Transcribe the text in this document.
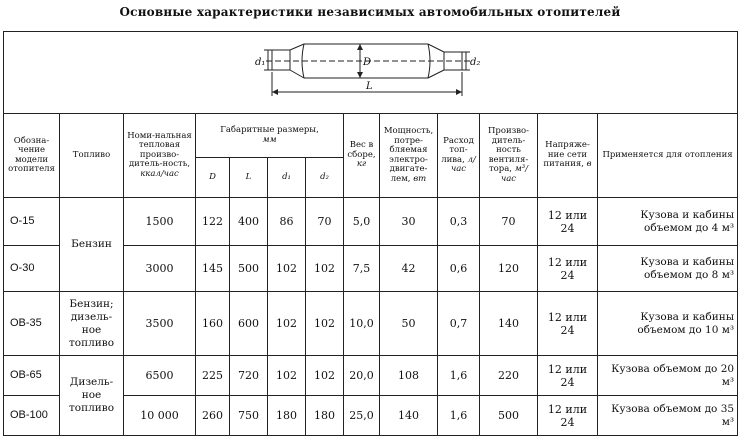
Основные характеристики независимых автомобильных отопителей
d₁ D d₂
L												

Обозна-чение модели отопителя	Топливо	Номи-нальная тепловая произво-дитель-ность, ккал/час	Габаритные размеры,
мм				Вес в сборе, кг	Мощность, потре-бляемая электро-двигате-лем, вт	Расход топ-лива, л/час	Произво-дитель-ность вентиля-тора, м³/час	Напряже-ние сети питания, в	Применяется для отопления
			D	L	d₁	d₂						
О-15	Бензин	1500	122	400	86	70	5,0	30	0,3	70	12 или 24	Кузова и кабины объемом до 4 м³
О-30		3000	145	500	102	102	7,5	42	0,6	120	12 или 24	Кузова и кабины объемом до 8 м³
ОВ-35	Бензин; дизель-ное топливо	3500	160	600	102	102	10,0	50	0,7	140	12 или 24	Кузова и кабины объемом до 10 м³
ОВ-65	Дизель-ное топливо	6500	225	720	102	102	20,0	108	1,6	220	12 или 24	Кузова объемом до 20 м³
ОВ-100		10 000	260	750	180	180	25,0	140	1,6	500	12 или 24	Кузова объемом до 35 м³
